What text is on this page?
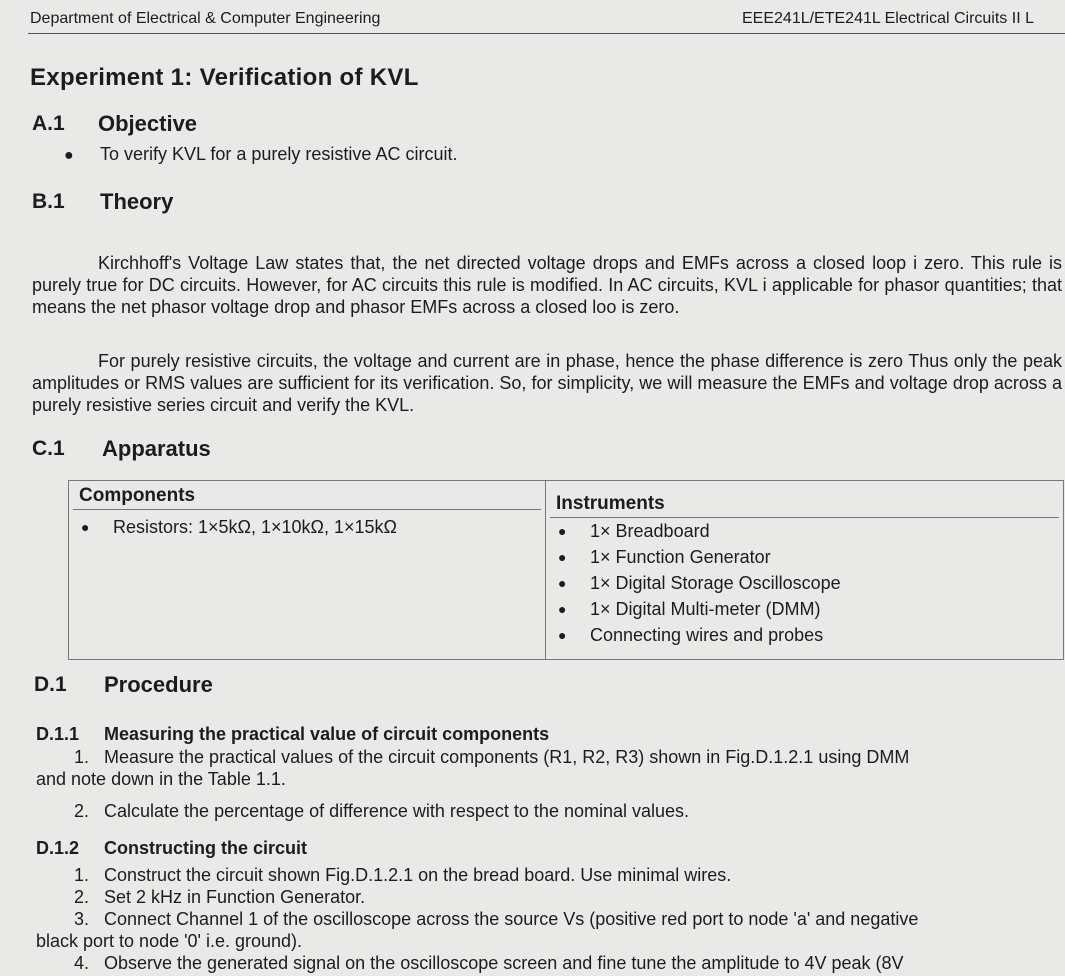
Department of Electrical & Computer Engineering	EEE241L/ETE241L Electrical Circuits II L
Experiment 1: Verification of KVL
A.1 Objective
● To verify KVL for a purely resistive AC circuit.
B.1 Theory
Kirchhoff's Voltage Law states that, the net directed voltage drops and EMFs across a closed loop i zero. This rule is purely true for DC circuits. However, for AC circuits this rule is modified. In AC circuits, KVL i applicable for phasor quantities; that means the net phasor voltage drop and phasor EMFs across a closed loo is zero.
For purely resistive circuits, the voltage and current are in phase, hence the phase difference is zero Thus only the peak amplitudes or RMS values are sufficient for its verification. So, for simplicity, we will measure the EMFs and voltage drop across a purely resistive series circuit and verify the KVL.
C.1 Apparatus
Components
● Resistors: 1×5kΩ, 1×10kΩ, 1×15kΩ

Instruments
● 1× Breadboard
● 1× Function Generator
● 1× Digital Storage Oscilloscope
● 1× Digital Multi-meter (DMM)
● Connecting wires and probes
D.1 Procedure
D.1.1 Measuring the practical value of circuit components
1. Measure the practical values of the circuit components (R1, R2, R3) shown in Fig.D.1.2.1 using DMM
and note down in the Table 1.1.
2. Calculate the percentage of difference with respect to the nominal values.
D.1.2 Constructing the circuit
1. Construct the circuit shown Fig.D.1.2.1 on the bread board. Use minimal wires.
2. Set 2 kHz in Function Generator.
3. Connect Channel 1 of the oscilloscope across the source Vs (positive red port to node 'a' and negative
black port to node '0' i.e. ground).
4. Observe the generated signal on the oscilloscope screen and fine tune the amplitude to 4V peak (8V
